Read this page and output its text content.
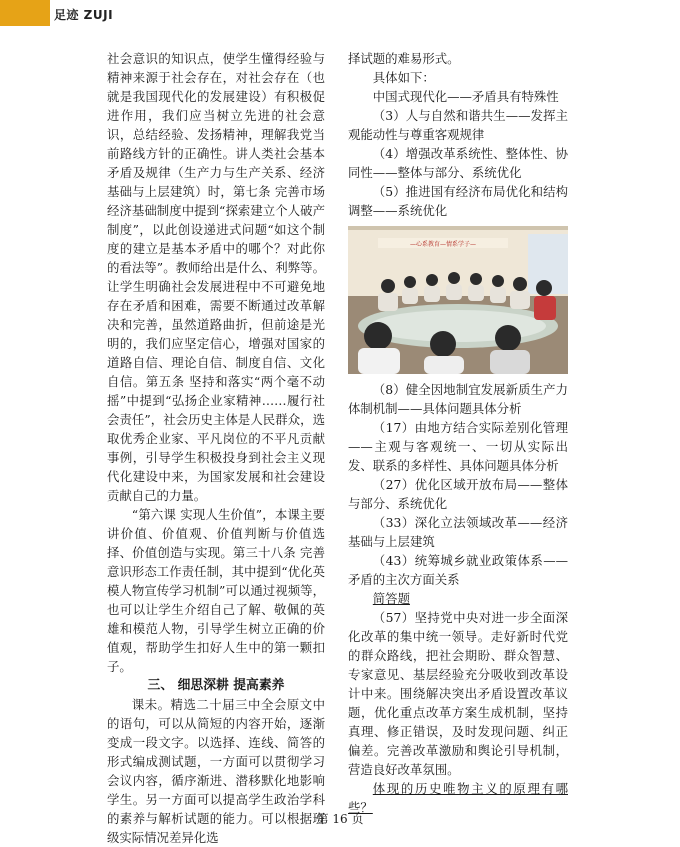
足迹 ZUJI

社会意识的知识点，使学生懂得经验与精神来源于社会存在，对社会存在（也就是我国现代化的发展建设）有积极促进作用，我们应当树立先进的社会意识，总结经验、发扬精神，理解我党当前路线方针的正确性。讲人类社会基本矛盾及规律（生产力与生产关系、经济基础与上层建筑）时，第七条 完善市场经济基础制度中提到“探索建立个人破产制度”，以此创设递进式问题“如这个制度的建立是基本矛盾中的哪个？对此你的看法等”。教师给出是什么、利弊等。让学生明确社会发展进程中不可避免地存在矛盾和困难，需要不断通过改革解决和完善，虽然道路曲折，但前途是光明的，我们应坚定信心，增强对国家的道路自信、理论自信、制度自信、文化自信。第五条 坚持和落实“两个毫不动摇”中提到“弘扬企业家精神……履行社会责任”，社会历史主体是人民群众，选取优秀企业家、平凡岗位的不平凡贡献事例，引导学生积极投身到社会主义现代化建设中来，为国家发展和社会建设贡献自己的力量。

“第六课 实现人生价值”，本课主要讲价值、价值观、价值判断与价值选择、价值创造与实现。第三十八条 完善意识形态工作责任制，其中提到“优化英模人物宣传学习机制”可以通过视频等，也可以让学生介绍自己了解、敬佩的英雄和模范人物，引导学生树立正确的价值观，帮助学生扣好人生中的第一颗扣子。

三、 细思深耕 提高素养

课未。精选二十届三中全会原文中的语句，可以从简短的内容开始，逐渐变成一段文字。以选择、连线、简答的形式编成测试题，一方面可以贯彻学习会议内容，循序渐进、潜移默化地影响学生。另一方面可以提高学生政治学科的素养与解析试题的能力。可以根据班级实际情况差异化选

择试题的难易形式。

具体如下：

中国式现代化——矛盾具有特殊性

（3）人与自然和谐共生——发挥主观能动性与尊重客观规律

（4）增强改革系统性、整体性、协同性——整体与部分、系统优化

（5）推进国有经济布局优化和结构调整——系统优化

—心系教育—情系学子—

（8）健全因地制宜发展新质生产力体制机制——具体问题具体分析

（17）由地方结合实际差别化管理——主观与客观统一、一切从实际出发、联系的多样性、具体问题具体分析

（27）优化区域开放布局——整体与部分、系统优化

（33）深化立法领域改革——经济基础与上层建筑

（43）统筹城乡就业政策体系——矛盾的主次方面关系

简答题

（57）坚持党中央对进一步全面深化改革的集中统一领导。走好新时代党的群众路线，把社会期盼、群众智慧、专家意见、基层经验充分吸收到改革设计中来。围绕解决突出矛盾设置改革议题，优化重点改革方案生成机制，坚持真理、修正错误，及时发现问题、纠正偏差。完善改革激励和舆论引导机制，营造良好改革氛围。

体现的历史唯物主义的原理有哪些？

第 16 页
